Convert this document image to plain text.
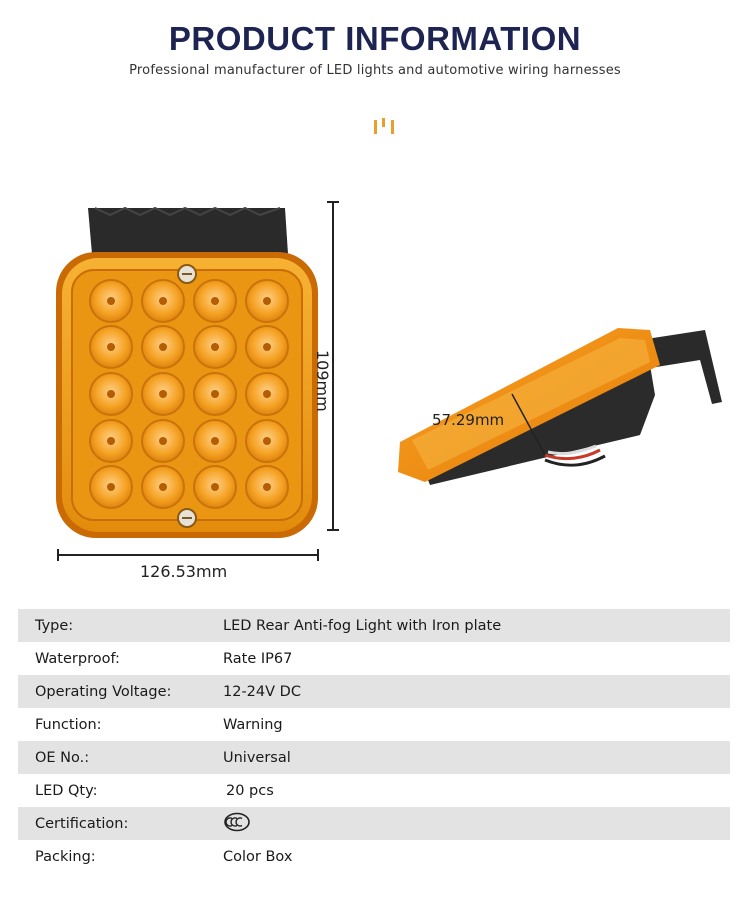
PRODUCT INFORMATION
Professional manufacturer of LED lights and automotive wiring harnesses
126.53mm
109mm
57.29mm
Type:	LED Rear Anti-fog Light with Iron plate
Waterproof:	Rate IP67
Operating Voltage:	12-24V DC
Function:	Warning
OE No.:	Universal
LED Qty:	20 pcs
Certification:	
Packing:	Color Box
